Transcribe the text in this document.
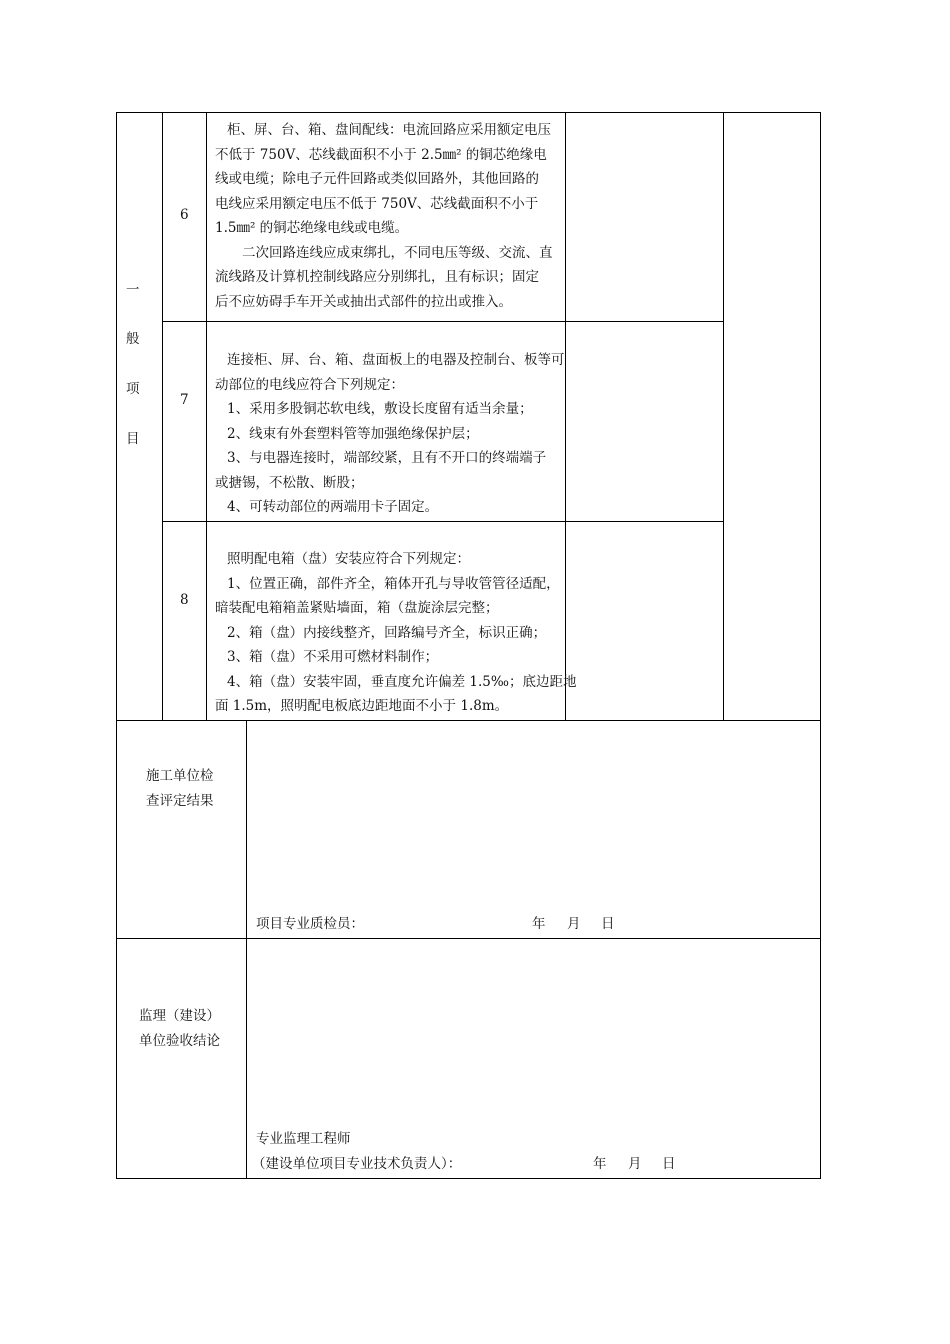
一
般
项
目
6

柜、屏、台、箱、盘间配线：电流回路应采用额定电压

不低于 750V、芯线截面积不小于 2.5㎜² 的铜芯绝缘电

线或电缆；除电子元件回路或类似回路外，其他回路的

电线应采用额定电压不低于 750V、芯线截面积不小于

1.5㎜² 的铜芯绝缘电线或电缆。

二次回路连线应成束绑扎，不同电压等级、交流、直

流线路及计算机控制线路应分别绑扎，且有标识；固定

后不应妨碍手车开关或抽出式部件的拉出或推入。

7

连接柜、屏、台、箱、盘面板上的电器及控制台、板等可

动部位的电线应符合下列规定：

1、采用多股铜芯软电线，敷设长度留有适当余量；

2、线束有外套塑料管等加强绝缘保护层；

3、与电器连接时，端部绞紧，且有不开口的终端端子

或搪锡，不松散、断股；

4、可转动部位的两端用卡子固定。

8

照明配电箱（盘）安装应符合下列规定：

1、位置正确，部件齐全，箱体开孔与导收管管径适配，

暗装配电箱箱盖紧贴墙面，箱（盘旋涂层完整；

2、箱（盘）内接线整齐，回路编号齐全，标识正确；

3、箱（盘）不采用可燃材料制作；

4、箱（盘）安装牢固，垂直度允许偏差 1.5‰；底边距地

面 1.5m，照明配电板底边距地面不小于 1.8m。

施工单位检
查评定结果
项目专业质检员：	年 月 日
监理（建设）
单位验收结论
专业监理工程师
（建设单位项目专业技术负责人）：	年 月 日
